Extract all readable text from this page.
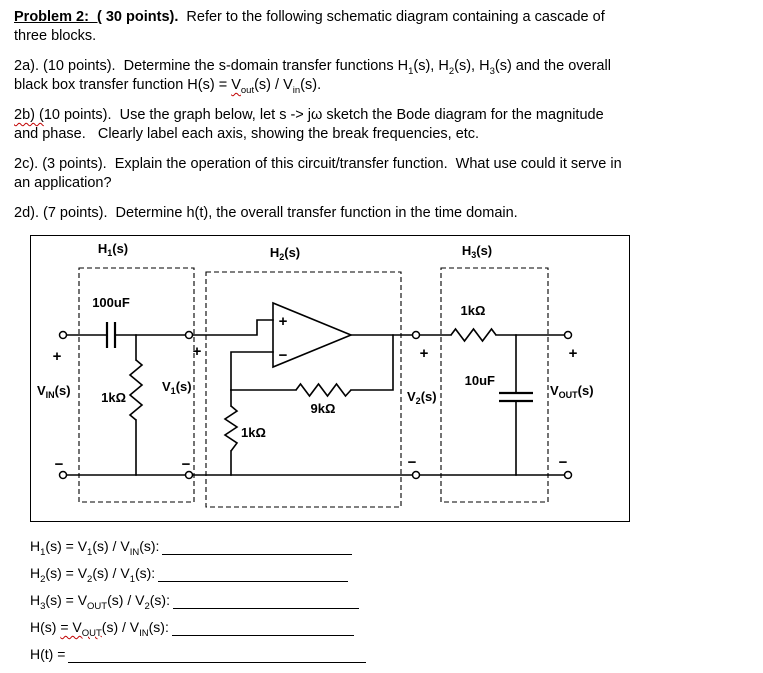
Problem 2:  ( 30 points).  Refer to the following schematic diagram containing a cascade of
three blocks.
2a). (10 points).  Determine the s-domain transfer functions $H_1(s)$, $H_2(s)$, $H_3(s)$ and the overall
black box transfer function $H(s) = V_{out}(s) / V_{in}(s)$.
2b) (10 points).  Use the graph below, let s -> jω sketch the Bode diagram for the magnitude
and phase.   Clearly label each axis, showing the break frequencies, etc.
2c). (3 points).  Explain the operation of this circuit/transfer function.  What use could it serve in
an application?
2d). (7 points).  Determine h(t), the overall transfer function in the time domain.
$H_1(s)$	$H_2(s)$	$H_3(s)$
100uF
1kΩ
1kΩ
9kΩ
1kΩ
10uF
$V_{IN}(s)$	$V_1(s)$
$V_2(s)$	$V_{OUT}(s)$
+
−
+
−
+
−	+
−
+
−
$H_1(s) = V_1(s) / V_{IN}(s)$:
$H_2(s) = V_2(s) / V_1(s)$:
$H_3(s) = V_{OUT}(s) / V_2(s)$:
$H(s) = V_{OUT}(s) / V_{IN}(s)$:
H(t) =
